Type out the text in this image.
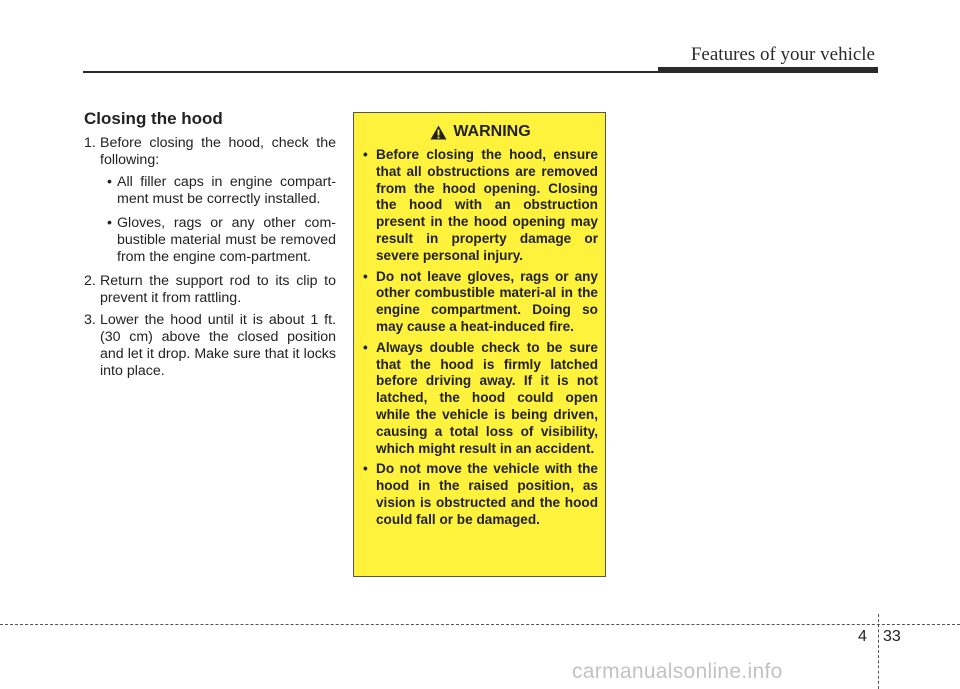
Features of your vehicle
Closing the hood
1. Before closing the hood, check the following:
• All filler caps in engine compart-ment must be correctly installed.
• Gloves, rags or any other com-bustible material must be removed from the engine com-partment.
2. Return the support rod to its clip to prevent it from rattling.
3. Lower the hood until it is about 1 ft. (30 cm) above the closed position and let it drop. Make sure that it locks into place.
WARNING
• Before closing the hood, ensure that all obstructions are removed from the hood opening. Closing the hood with an obstruction present in the hood opening may result in property damage or severe personal injury.
• Do not leave gloves, rags or any other combustible materi-al in the engine compartment. Doing so may cause a heat-induced fire.
• Always double check to be sure that the hood is firmly latched before driving away. If it is not latched, the hood could open while the vehicle is being driven, causing a total loss of visibility, which might result in an accident.
• Do not move the vehicle with the hood in the raised position, as vision is obstructed and the hood could fall or be damaged.
4 33
carmanualsonline.info
